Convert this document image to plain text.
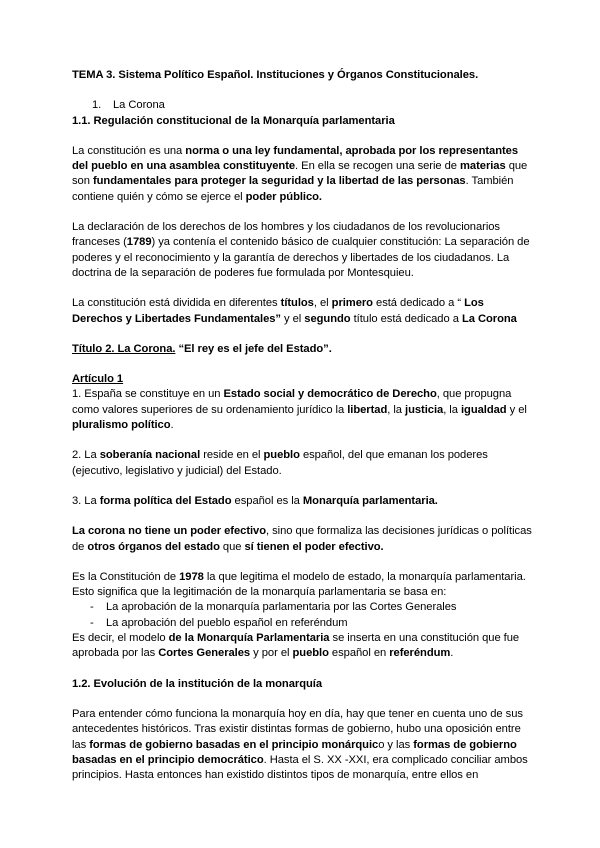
TEMA 3. Sistema Político Español. Instituciones y Órganos Constitucionales.

1.	La Corona

1.1. Regulación constitucional de la Monarquía parlamentaria

La constitución es una norma o una ley fundamental, aprobada por los representantes del pueblo en una asamblea constituyente. En ella se recogen una serie de materias que son fundamentales para proteger la seguridad y la libertad de las personas. También contiene quién y cómo se ejerce el poder público.

La declaración de los derechos de los hombres y los ciudadanos de los revolucionarios franceses (1789) ya contenía el contenido básico de cualquier constitución: La separación de poderes y el reconocimiento y la garantía de derechos y libertades de los ciudadanos. La doctrina de la separación de poderes fue formulada por Montesquieu.

La constitución está dividida en diferentes títulos, el primero está dedicado a “ Los Derechos y Libertades Fundamentales” y el segundo título está dedicado a La Corona

Título 2. La Corona. “El rey es el jefe del Estado”.

Artículo 1

1. España se constituye en un Estado social y democrático de Derecho, que propugna como valores superiores de su ordenamiento jurídico la libertad, la justicia, la igualdad y el pluralismo político.

2. La soberanía nacional reside en el pueblo español, del que emanan los poderes (ejecutivo, legislativo y judicial) del Estado.

3. La forma política del Estado español es la Monarquía parlamentaria.

La corona no tiene un poder efectivo, sino que formaliza las decisiones jurídicas o políticas de otros órganos del estado que sí tienen el poder efectivo.

Es la Constitución de 1978 la que legitima el modelo de estado, la monarquía parlamentaria. Esto significa que la legitimación de la monarquía parlamentaria se basa en:

-	La aprobación de la monarquía parlamentaria por las Cortes Generales
-	La aprobación del pueblo español en referéndum

Es decir, el modelo de la Monarquía Parlamentaria se inserta en una constitución que fue aprobada por las Cortes Generales y por el pueblo español en referéndum.

1.2. Evolución de la institución de la monarquía

Para entender cómo funciona la monarquía hoy en día, hay que tener en cuenta uno de sus antecedentes históricos. Tras existir distintas formas de gobierno, hubo una oposición entre las formas de gobierno basadas en el principio monárquico y las formas de gobierno basadas en el principio democrático. Hasta el S. XX -XXI, era complicado conciliar ambos principios. Hasta entonces han existido distintos tipos de monarquía, entre ellos en
